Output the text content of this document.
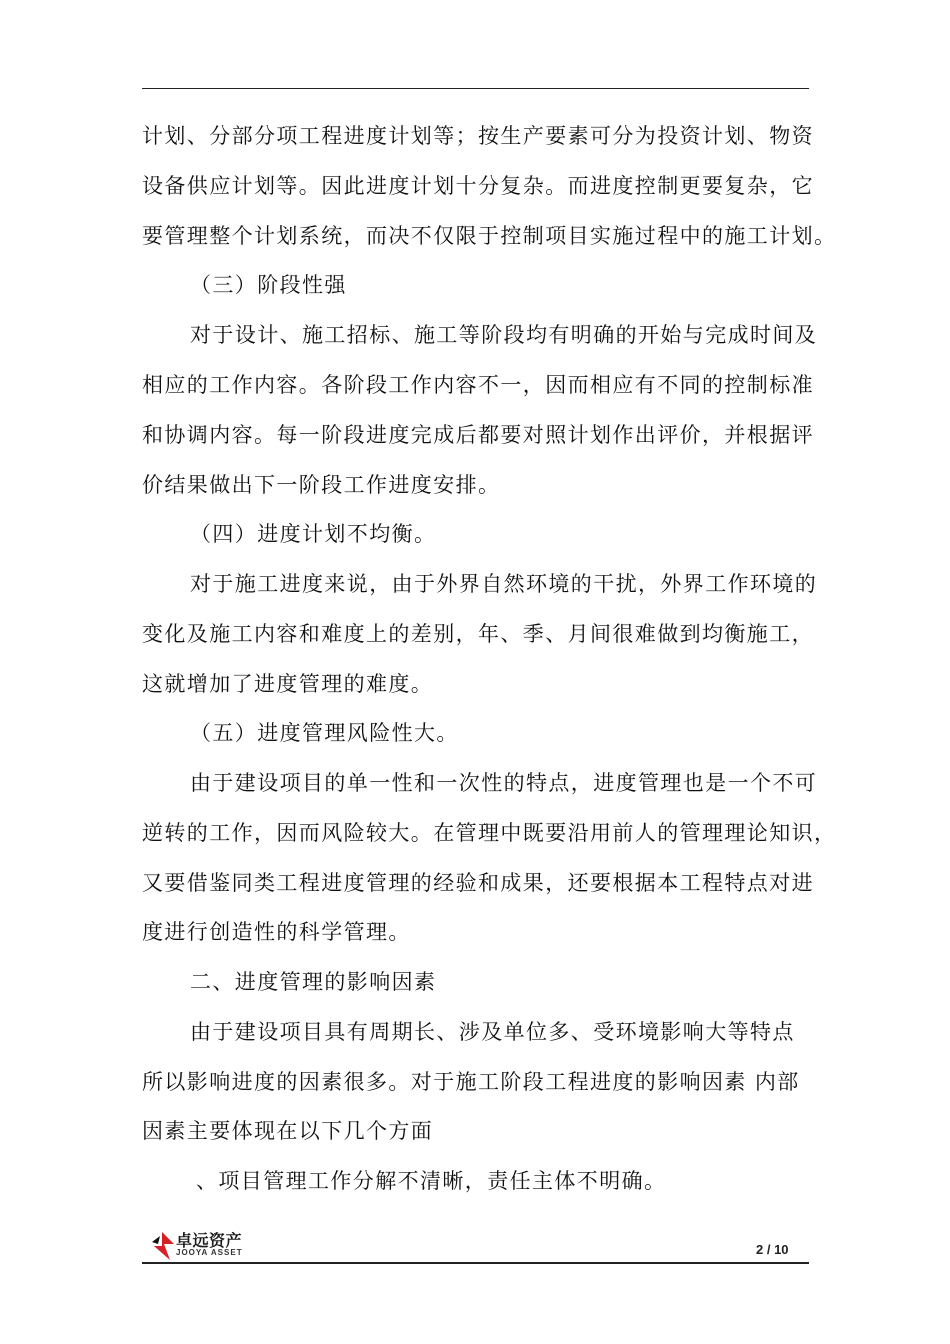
计划、分部分项工程进度计划等；按生产要素可分为投资计划、物资
设备供应计划等。因此进度计划十分复杂。而进度控制更要复杂，它
要管理整个计划系统，而决不仅限于控制项目实施过程中的施工计划。
（三）阶段性强
对于设计、施工招标、施工等阶段均有明确的开始与完成时间及
相应的工作内容。各阶段工作内容不一，因而相应有不同的控制标准
和协调内容。每一阶段进度完成后都要对照计划作出评价，并根据评
价结果做出下一阶段工作进度安排。
（四）进度计划不均衡。
对于施工进度来说，由于外界自然环境的干扰，外界工作环境的
变化及施工内容和难度上的差别，年、季、月间很难做到均衡施工，
这就增加了进度管理的难度。
（五）进度管理风险性大。
由于建设项目的单一性和一次性的特点，进度管理也是一个不可
逆转的工作，因而风险较大。在管理中既要沿用前人的管理理论知识，
又要借鉴同类工程进度管理的经验和成果，还要根据本工程特点对进
度进行创造性的科学管理。
二、进度管理的影响因素
由于建设项目具有周期长、涉及单位多、受环境影响大等特点
所以影响进度的因素很多。对于施工阶段工程进度的影响因素 内部
因素主要体现在以下几个方面
、项目管理工作分解不清晰，责任主体不明确。
卓远资产
JOOYA ASSET	2 / 10
